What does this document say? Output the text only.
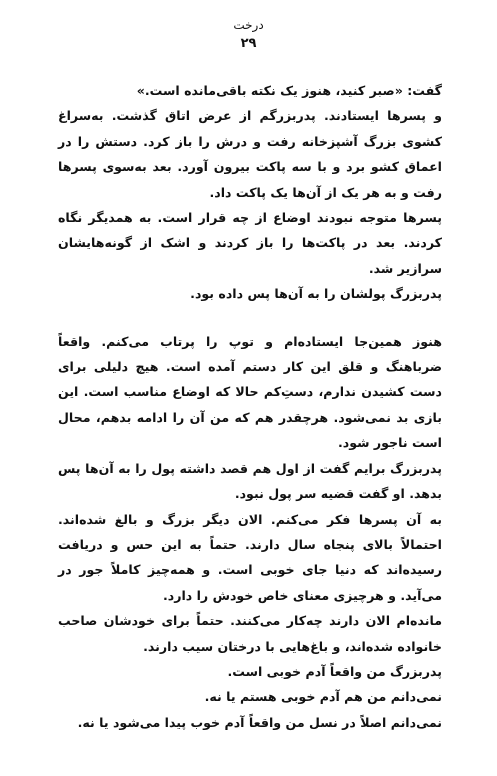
درخت
۲۹

گفت: «صبر کنید، هنوز یک نکته باقی‌مانده است.»

و پسرها ایستادند. پدربزرگم از عرض اتاق گذشت. به‌سراغ کشوی بزرگ آشپزخانه رفت و درش را باز کرد. دستش را در اعماق کشو برد و با سه پاکت بیرون آورد. بعد به‌سوی پسرها رفت و به هر یک از آن‌ها یک پاکت داد.

پسرها متوجه نبودند اوضاع از چه قرار است. به همدیگر نگاه کردند. بعد در پاکت‌ها را باز کردند و اشک از گونه‌هایشان سرازیر شد.

پدربزرگ پولشان را به آن‌ها پس داده بود.

هنوز همین‌جا ایستاده‌ام و توپ را پرتاب می‌کنم. واقعاً ضرباهنگ و قلق این کار دستم آمده است. هیچ دلیلی برای دست کشیدن ندارم، دستِ‌کم حالا که اوضاع مناسب است. این بازی بد نمی‌شود. هرچقدر هم که من آن را ادامه بدهم، محال است ناجور شود.

پدربزرگ برایم گفت از اول هم قصد داشته پول را به آن‌ها پس بدهد. او گفت قضیه سر پول نبود.

به آن پسرها فکر می‌کنم. الان دیگر بزرگ و بالغ شده‌اند. احتمالاً بالای پنجاه سال دارند. حتماً به این حس و دریافت رسیده‌اند که دنیا جای خوبی است. و همه‌چیز کاملاً جور در می‌آید. و هرچیزی معنای خاص خودش را دارد.

مانده‌ام الان دارند چه‌کار می‌کنند. حتماً برای خودشان صاحب خانواده شده‌اند، و باغ‌هایی با درختان سیب دارند.

پدربزرگ من واقعاً آدم خوبی است.

نمی‌دانم من هم آدم خوبی هستم یا نه.

نمی‌دانم اصلاً در نسل من واقعاً آدم خوب پیدا می‌شود یا نه.
